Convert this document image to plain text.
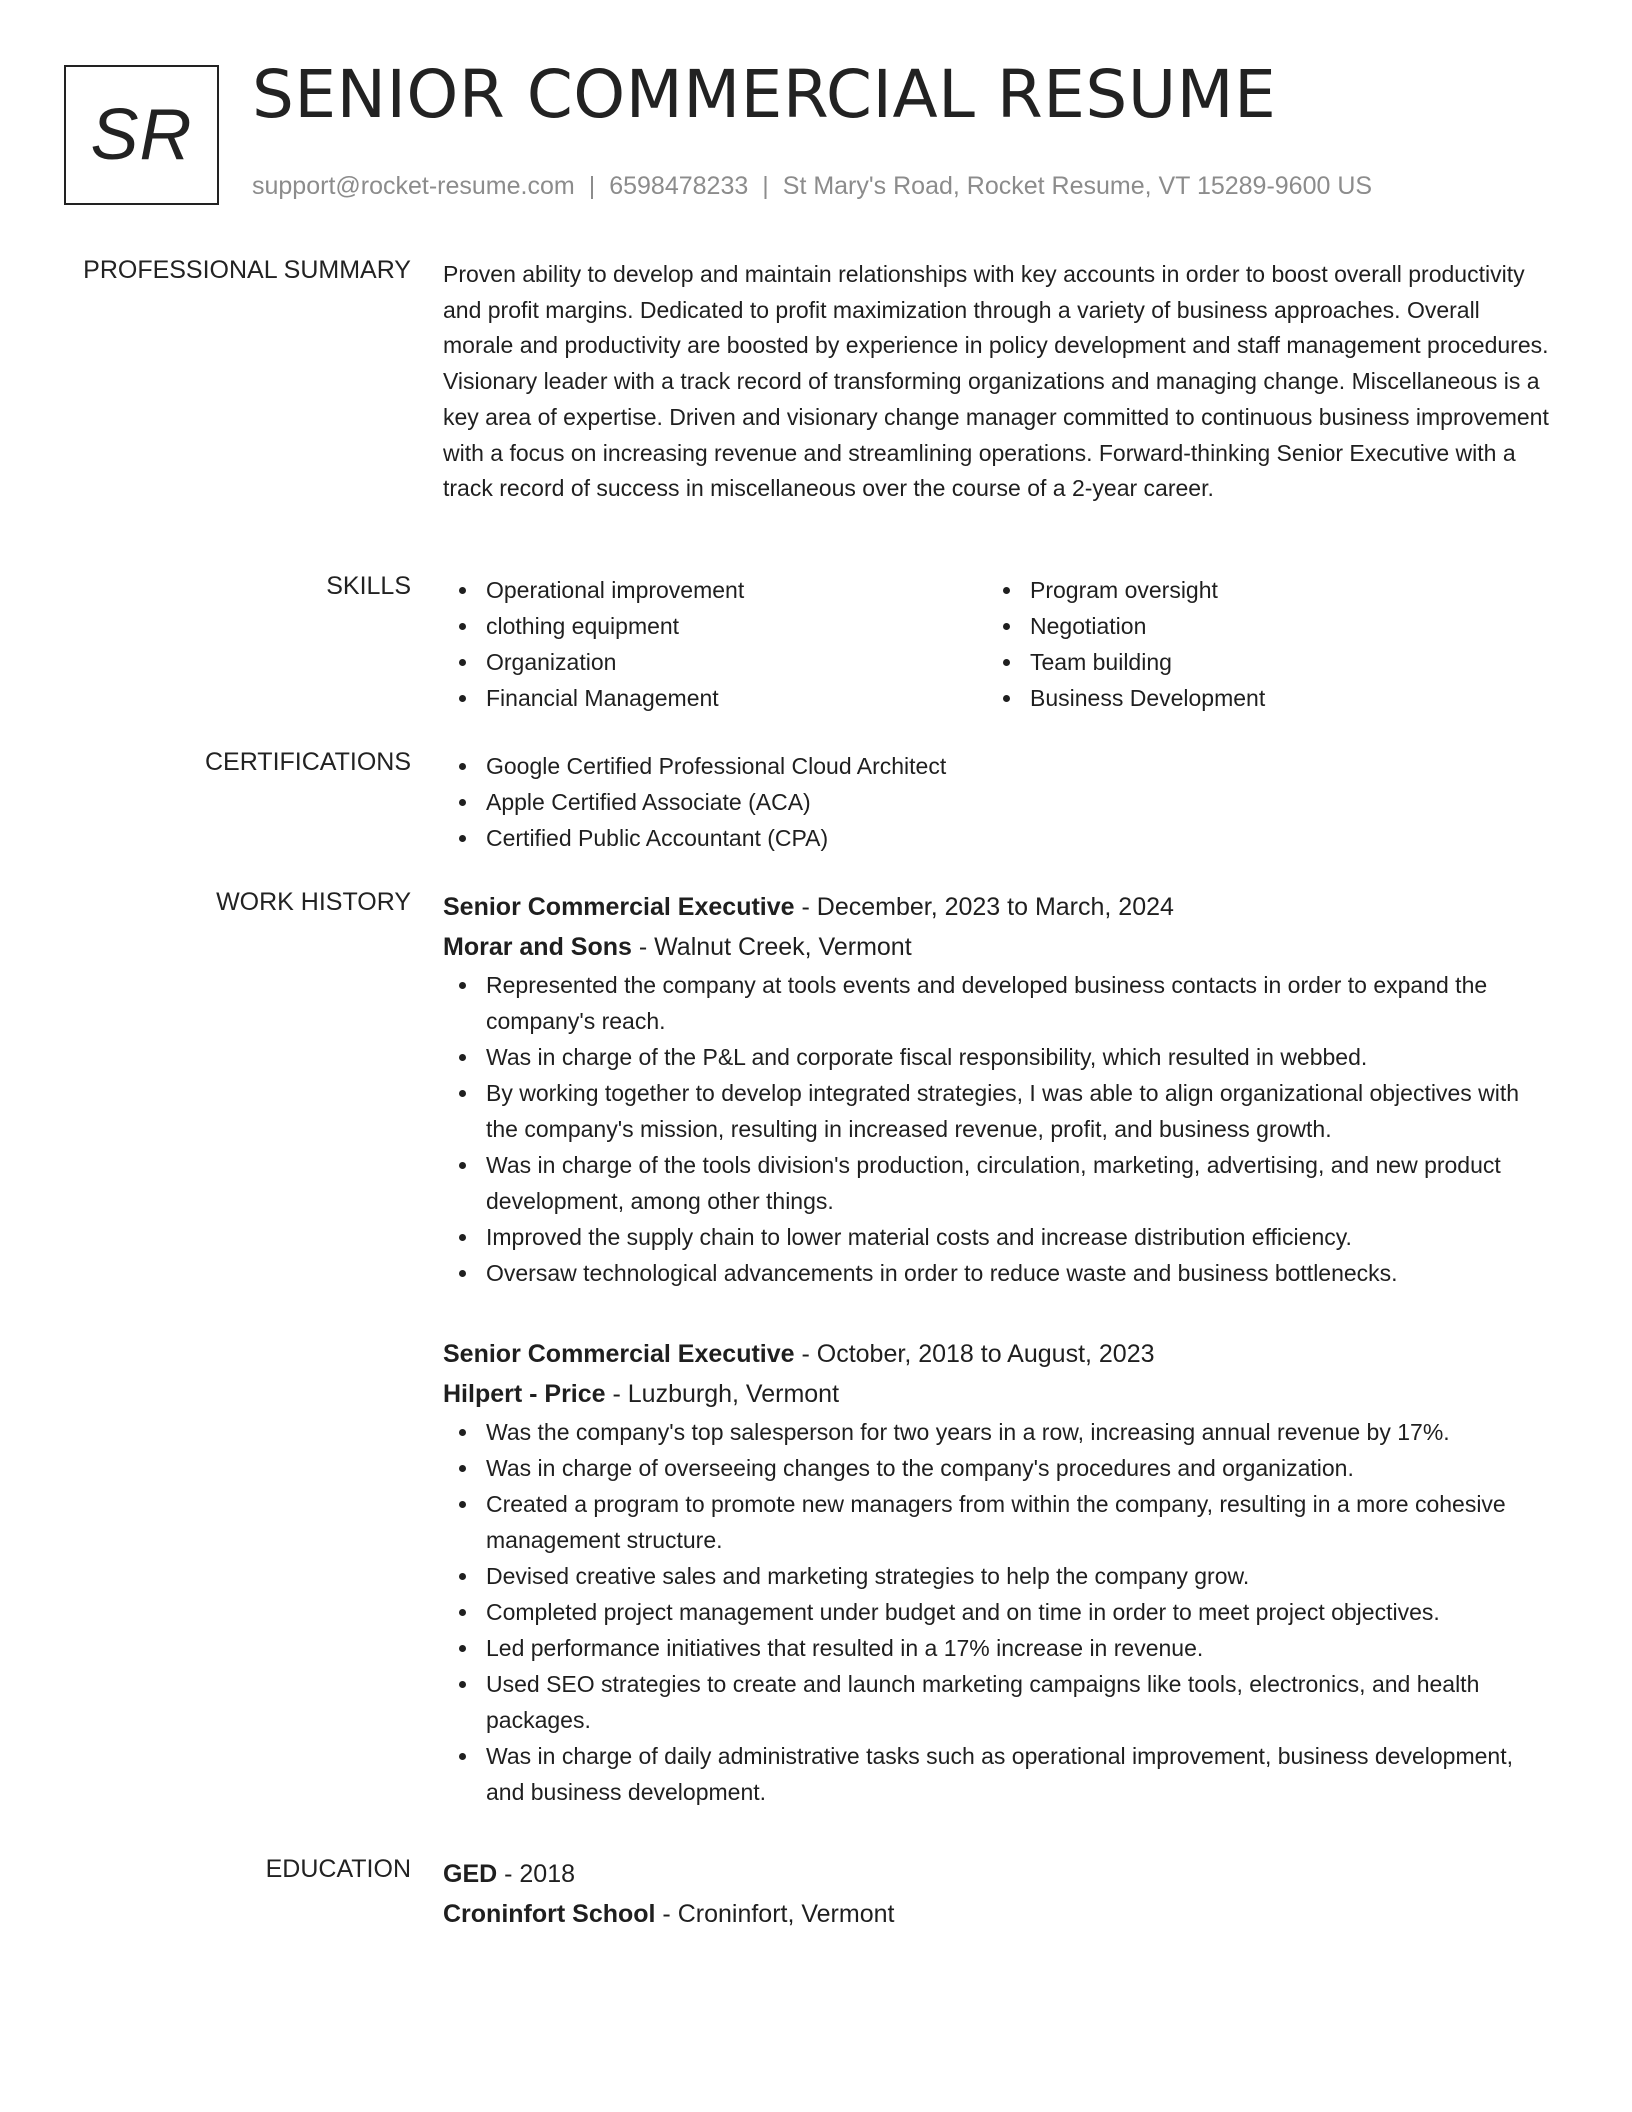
SR
SENIOR COMMERCIAL RESUME
support@rocket-resume.com | 6598478233 | St Mary's Road, Rocket Resume, VT 15289-9600 US
PROFESSIONAL SUMMARY Proven ability to develop and maintain relationships with key accounts in order to boost overall productivity and profit margins. Dedicated to profit maximization through a variety of business approaches. Overall morale and productivity are boosted by experience in policy development and staff management procedures. Visionary leader with a track record of transforming organizations and managing change. Miscellaneous is a key area of expertise. Driven and visionary change manager committed to continuous business improvement with a focus on increasing revenue and streamlining operations. Forward-thinking Senior Executive with a track record of success in miscellaneous over the course of a 2-year career.

SKILLS	Operational improvement
clothing equipment
Organization
Financial Management
Program oversight
Negotiation
Team building
Business Development
CERTIFICATIONS	Google Certified Professional Cloud Architect
Apple Certified Associate (ACA)
Certified Public Accountant (CPA)
WORK HISTORY Senior Commercial Executive - December, 2023 to March, 2024
Morar and Sons - Walnut Creek, Vermont
Represented the company at tools events and developed business contacts in order to expand the company's reach.
Was in charge of the P&L and corporate fiscal responsibility, which resulted in webbed.
By working together to develop integrated strategies, I was able to align organizational objectives with the company's mission, resulting in increased revenue, profit, and business growth.
Was in charge of the tools division's production, circulation, marketing, advertising, and new product development, among other things.
Improved the supply chain to lower material costs and increase distribution efficiency.
Oversaw technological advancements in order to reduce waste and business bottlenecks.
Senior Commercial Executive - October, 2018 to August, 2023
Hilpert - Price - Luzburgh, Vermont
Was the company's top salesperson for two years in a row, increasing annual revenue by 17%.
Was in charge of overseeing changes to the company's procedures and organization.
Created a program to promote new managers from within the company, resulting in a more cohesive management structure.
Devised creative sales and marketing strategies to help the company grow.
Completed project management under budget and on time in order to meet project objectives.
Led performance initiatives that resulted in a 17% increase in revenue.
Used SEO strategies to create and launch marketing campaigns like tools, electronics, and health packages.
Was in charge of daily administrative tasks such as operational improvement, business development, and business development.
EDUCATION GED - 2018
Croninfort School - Croninfort, Vermont
